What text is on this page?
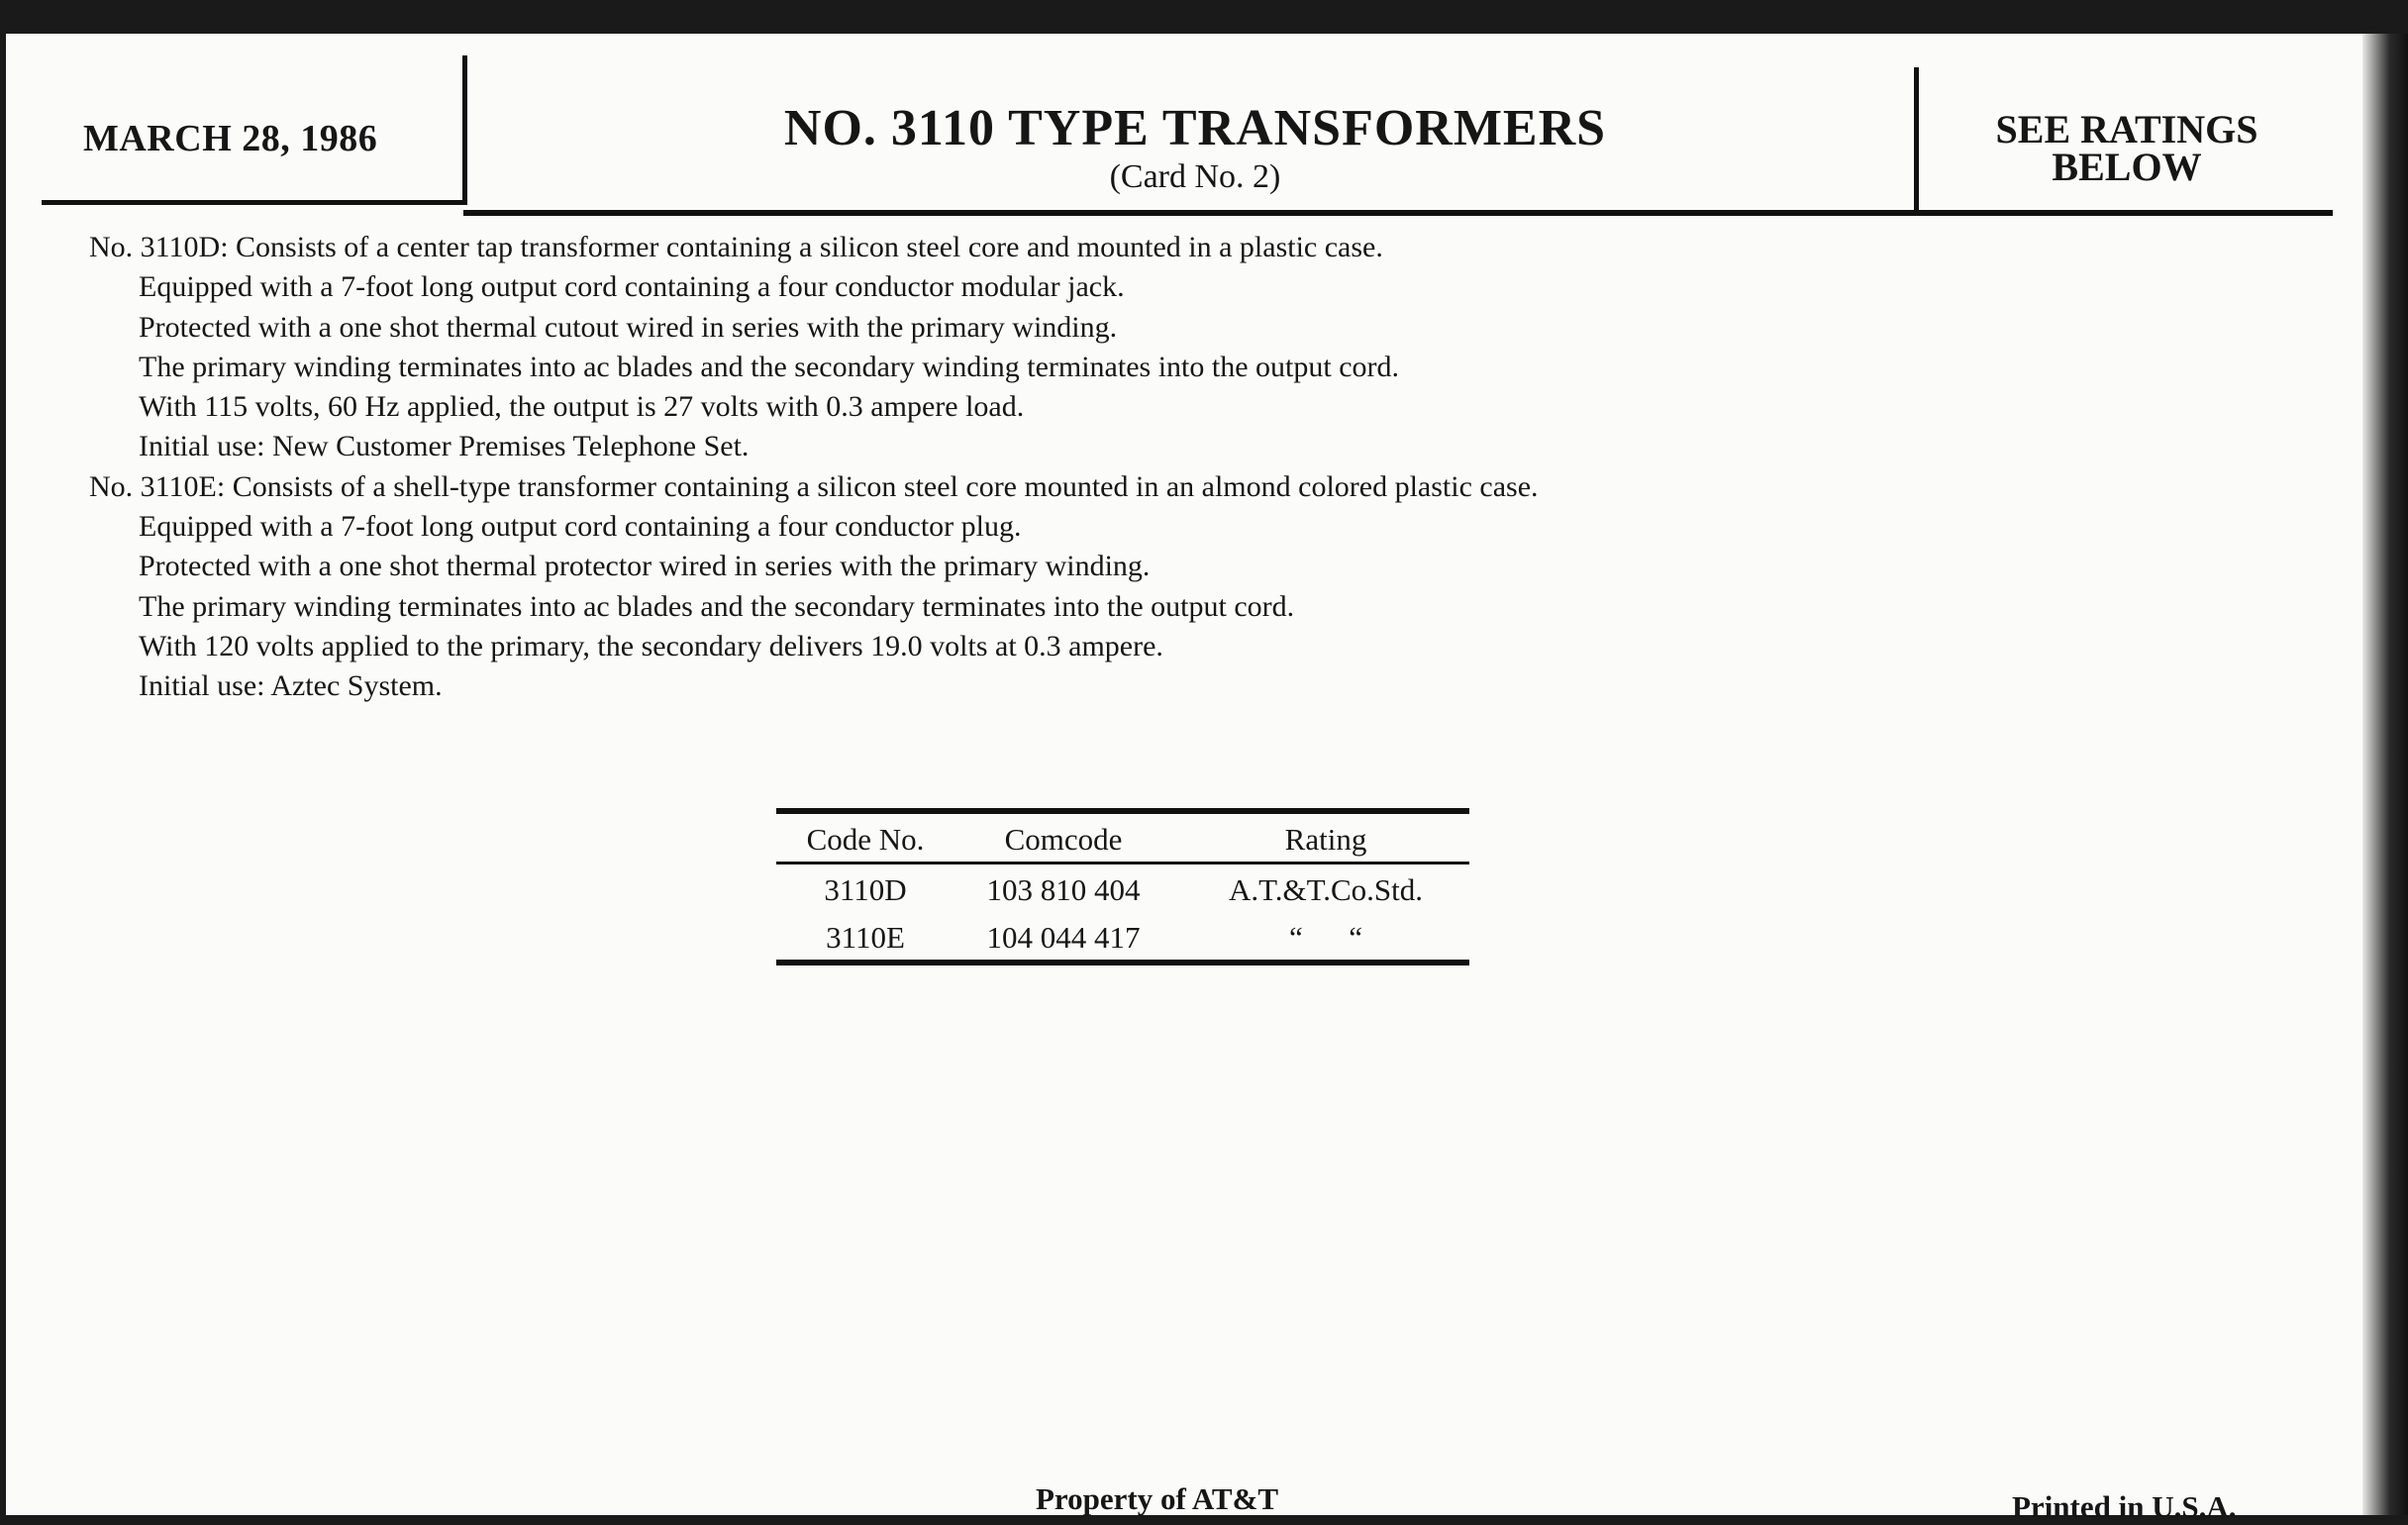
MARCH 28, 1986	NO. 3110 TYPE TRANSFORMERS
(Card No. 2)
SEE RATINGS
BELOW
No. 3110D: Consists of a center tap transformer containing a silicon steel core and mounted in a plastic case.
Equipped with a 7-foot long output cord containing a four conductor modular jack.
Protected with a one shot thermal cutout wired in series with the primary winding.
The primary winding terminates into ac blades and the secondary winding terminates into the output cord.
With 115 volts, 60 Hz applied, the output is 27 volts with 0.3 ampere load.
Initial use: New Customer Premises Telephone Set.
No. 3110E: Consists of a shell-type transformer containing a silicon steel core mounted in an almond colored plastic case.
Equipped with a 7-foot long output cord containing a four conductor plug.
Protected with a one shot thermal protector wired in series with the primary winding.
The primary winding terminates into ac blades and the secondary terminates into the output cord.
With 120 volts applied to the primary, the secondary delivers 19.0 volts at 0.3 ampere.
Initial use: Aztec System.
Code No.	Comcode	Rating
3110D	103 810 404	A.T.&T.Co.Std.
3110E	104 044 417	“      “
Property of AT&T	Printed in U.S.A.
